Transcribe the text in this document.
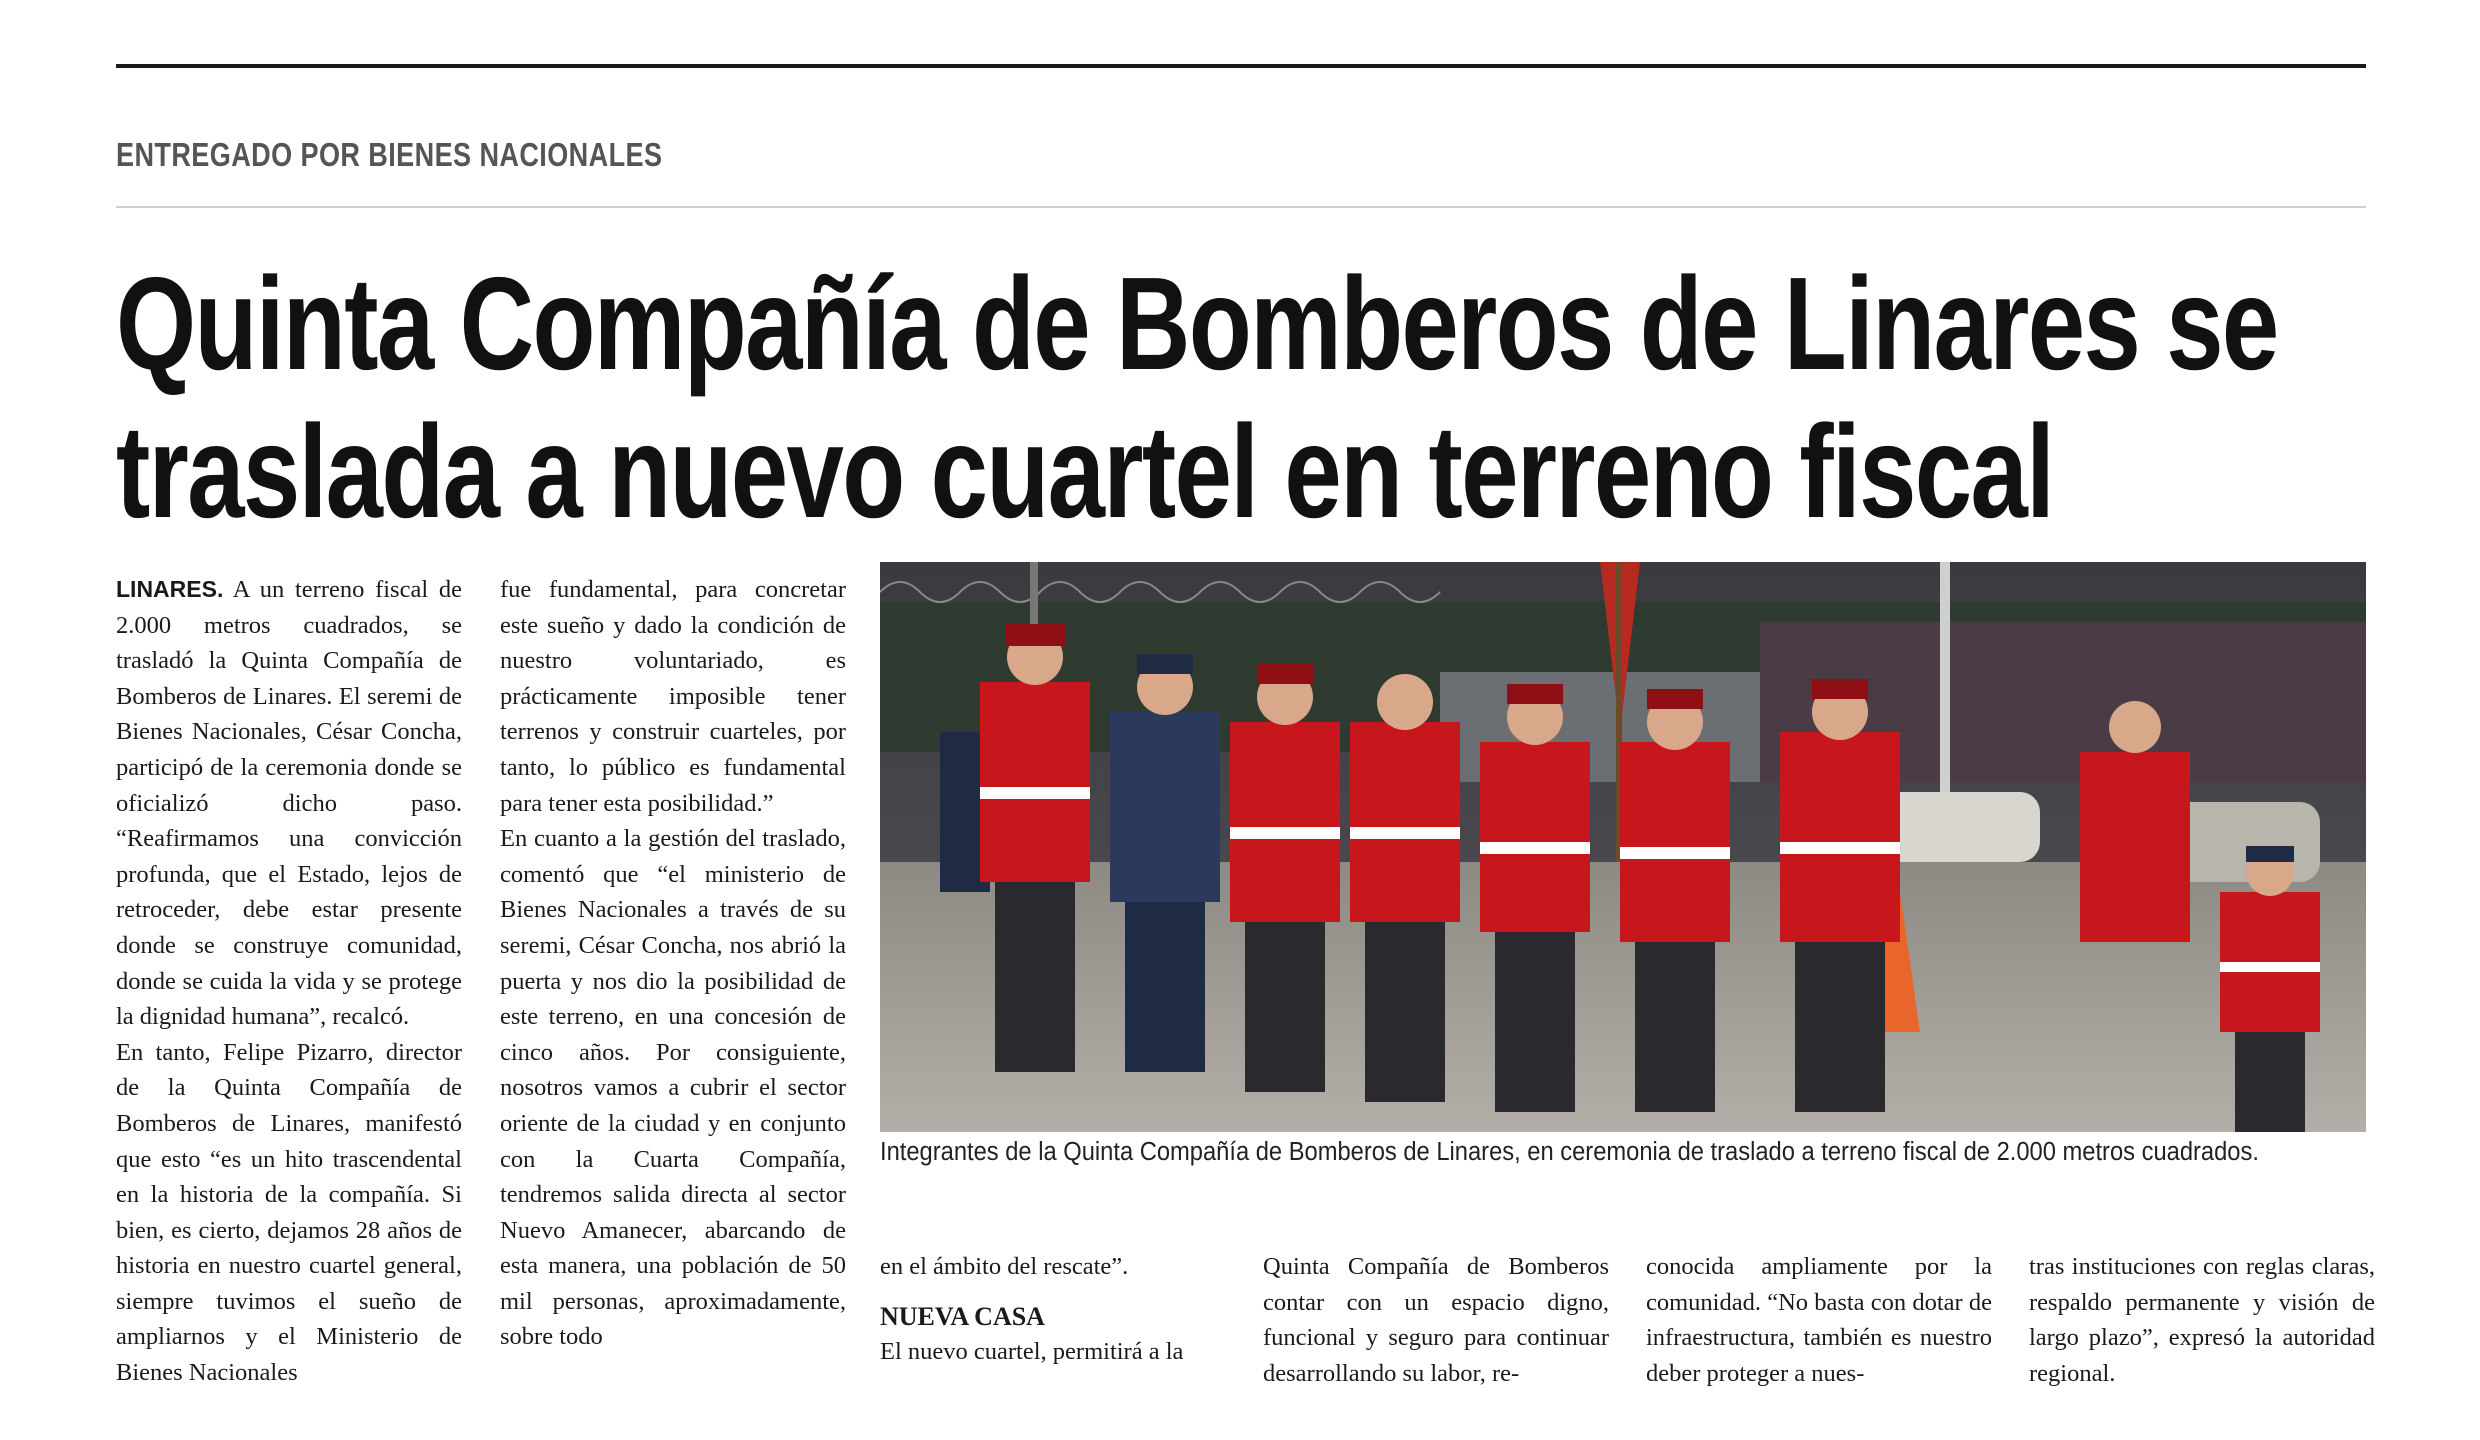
ENTREGADO POR BIENES NACIONALES
Quinta Compañía de Bomberos de Linares se
traslada a nuevo cuartel en terreno fiscal

LINARES. A un terreno fiscal de 2.000 metros cuadrados, se trasladó la Quinta Compañía de Bomberos de Linares. El seremi de Bienes Nacionales, César Concha, participó de la ceremonia donde se oficializó dicho paso. “Reafirmamos una convicción profunda, que el Estado, lejos de retroceder, debe estar presente donde se construye comunidad, donde se cuida la vida y se protege la dignidad humana”, recalcó.

En tanto, Felipe Pizarro, director de la Quinta Compañía de Bomberos de Linares, manifestó que esto “es un hito trascendental en la historia de la compañía. Si bien, es cierto, dejamos 28 años de historia en nuestro cuartel general, siempre tuvimos el sueño de ampliarnos y el Ministerio de Bienes Nacionales

fue fundamental, para concretar este sueño y dado la condición de nuestro voluntariado, es prácticamente imposible tener terrenos y construir cuarteles, por tanto, lo público es fundamental para tener esta posibilidad.”

En cuanto a la gestión del traslado, comentó que “el ministerio de Bienes Nacionales a través de su seremi, César Concha, nos abrió la puerta y nos dio la posibilidad de este terreno, en una concesión de cinco años. Por consiguiente, nosotros vamos a cubrir el sector oriente de la ciudad y en conjunto con la Cuarta Compañía, tendremos salida directa al sector Nuevo Amanecer, abarcando de esta manera, una población de 50 mil personas, aproximadamente, sobre todo

Integrantes de la Quinta Compañía de Bomberos de Linares, en ceremonia de traslado a terreno fiscal de 2.000 metros cuadrados.

en el ámbito del rescate”.

NUEVA CASA

El nuevo cuartel, permitirá a la

Quinta Compañía de Bomberos contar con un espacio digno, funcional y seguro para continuar desarrollando su labor, re-

conocida ampliamente por la comunidad. “No basta con dotar de infraestructura, también es nuestro deber proteger a nues-

tras instituciones con reglas claras, respaldo permanente y visión de largo plazo”, expresó la autoridad regional.
